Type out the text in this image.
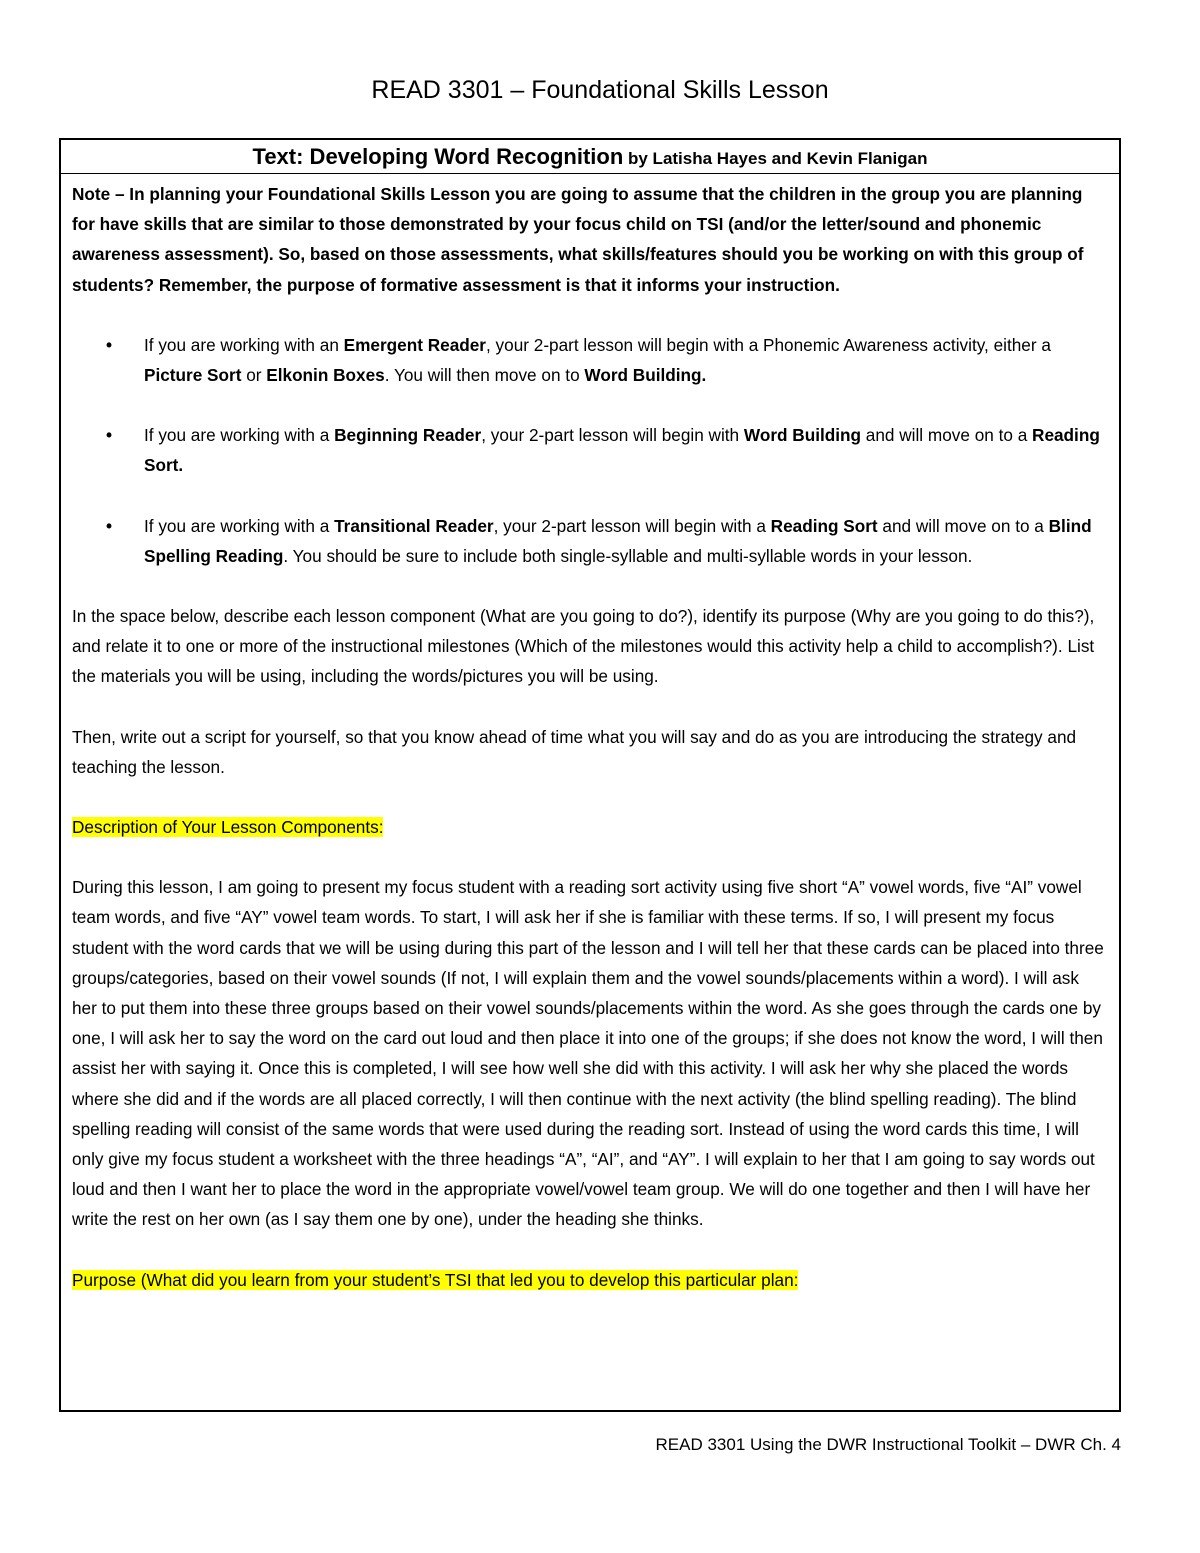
READ 3301 – Foundational Skills Lesson
Text: Developing Word Recognition by Latisha Hayes and Kevin Flanigan

Note – In planning your Foundational Skills Lesson you are going to assume that the children in the group you are planning for have skills that are similar to those demonstrated by your focus child on TSI (and/or the letter/sound and phonemic awareness assessment). So, based on those assessments, what skills/features should you be working on with this group of students? Remember, the purpose of formative assessment is that it informs your instruction.

•	If you are working with an Emergent Reader, your 2-part lesson will begin with a Phonemic Awareness activity, either a Picture Sort or Elkonin Boxes. You will then move on to Word Building.
•	If you are working with a Beginning Reader, your 2-part lesson will begin with Word Building and will move on to a Reading Sort.
•	If you are working with a Transitional Reader, your 2-part lesson will begin with a Reading Sort and will move on to a Blind Spelling Reading. You should be sure to include both single-syllable and multi-syllable words in your lesson.

In the space below, describe each lesson component (What are you going to do?), identify its purpose (Why are you going to do this?), and relate it to one or more of the instructional milestones (Which of the milestones would this activity help a child to accomplish?). List the materials you will be using, including the words/pictures you will be using.

Then, write out a script for yourself, so that you know ahead of time what you will say and do as you are introducing the strategy and teaching the lesson.

Description of Your Lesson Components:

During this lesson, I am going to present my focus student with a reading sort activity using five short “A” vowel words, five “AI” vowel team words, and five “AY” vowel team words. To start, I will ask her if she is familiar with these terms. If so, I will present my focus student with the word cards that we will be using during this part of the lesson and I will tell her that these cards can be placed into three groups/categories, based on their vowel sounds (If not, I will explain them and the vowel sounds/placements within a word). I will ask her to put them into these three groups based on their vowel sounds/placements within the word. As she goes through the cards one by one, I will ask her to say the word on the card out loud and then place it into one of the groups; if she does not know the word, I will then assist her with saying it. Once this is completed, I will see how well she did with this activity. I will ask her why she placed the words where she did and if the words are all placed correctly, I will then continue with the next activity (the blind spelling reading). The blind spelling reading will consist of the same words that were used during the reading sort. Instead of using the word cards this time, I will only give my focus student a worksheet with the three headings “A”, “AI”, and “AY”. I will explain to her that I am going to say words out loud and then I want her to place the word in the appropriate vowel/vowel team group. We will do one together and then I will have her write the rest on her own (as I say them one by one), under the heading she thinks.

Purpose (What did you learn from your student’s TSI that led you to develop this particular plan:

READ 3301 Using the DWR Instructional Toolkit – DWR Ch. 4
